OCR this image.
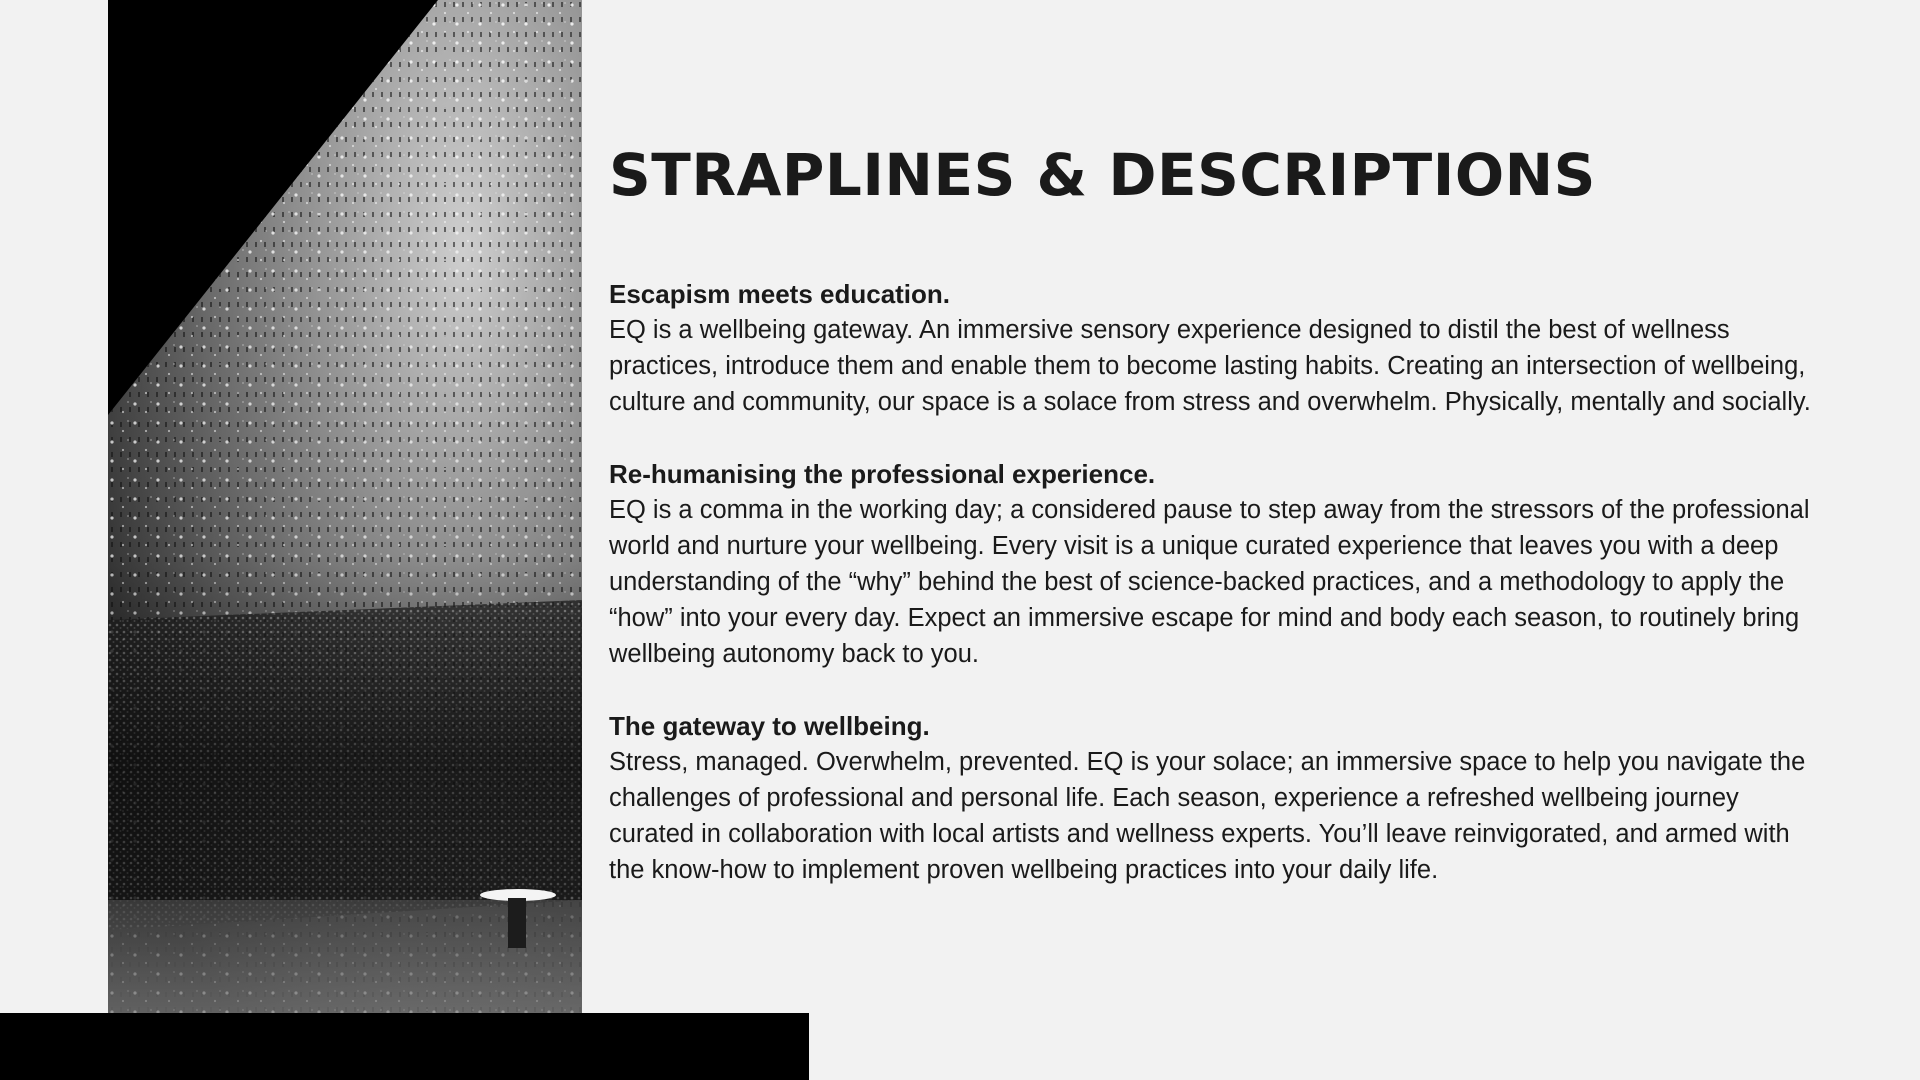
STRAPLINES & DESCRIPTIONS

Escapism meets education.

EQ is a wellbeing gateway. An immersive sensory experience designed to distil the best of wellness practices, introduce them and enable them to become lasting habits. Creating an intersection of wellbeing, culture and community, our space is a solace from stress and overwhelm. Physically, mentally and socially.

Re-humanising the professional experience.

EQ is a comma in the working day; a considered pause to step away from the stressors of the professional world and nurture your wellbeing. Every visit is a unique curated experience that leaves you with a deep understanding of the “why” behind the best of science-backed practices, and a methodology to apply the “how” into your every day. Expect an immersive escape for mind and body each season, to routinely bring wellbeing autonomy back to you.

The gateway to wellbeing.

Stress, managed. Overwhelm, prevented. EQ is your solace; an immersive space to help you navigate the challenges of professional and personal life. Each season, experience a refreshed wellbeing journey curated in collaboration with local artists and wellness experts. You’ll leave reinvigorated, and armed with the know-how to implement proven wellbeing practices into your daily life.
